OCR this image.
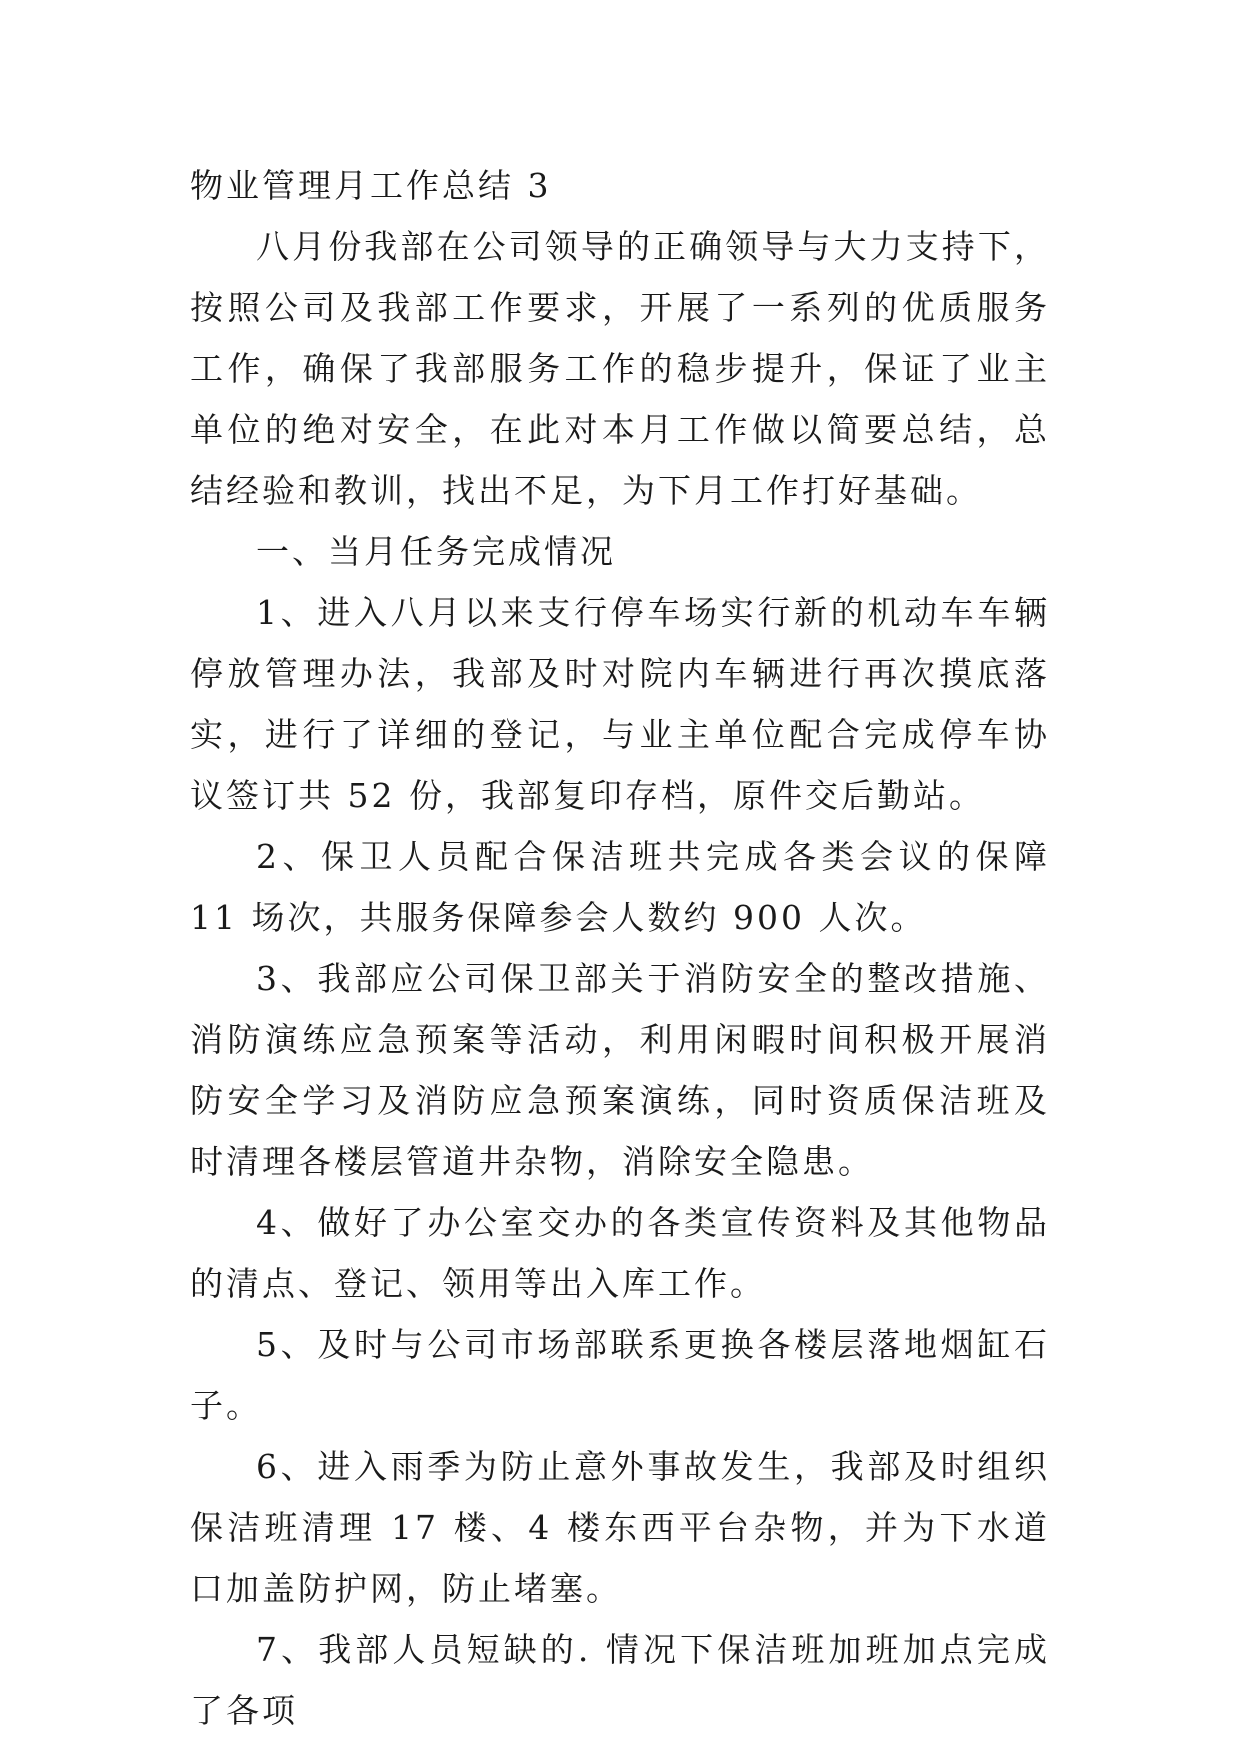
物业管理月工作总结 3

八月份我部在公司领导的正确领导与大力支持下，按照公司及我部工作要求，开展了一系列的优质服务工作，确保了我部服务工作的稳步提升，保证了业主单位的绝对安全，在此对本月工作做以简要总结，总结经验和教训，找出不足，为下月工作打好基础。

一、当月任务完成情况

1、进入八月以来支行停车场实行新的机动车车辆停放管理办法，我部及时对院内车辆进行再次摸底落实，进行了详细的登记，与业主单位配合完成停车协议签订共 52 份，我部复印存档，原件交后勤站。

2、保卫人员配合保洁班共完成各类会议的保障 11 场次，共服务保障参会人数约 900 人次。

3、我部应公司保卫部关于消防安全的整改措施、消防演练应急预案等活动，利用闲暇时间积极开展消防安全学习及消防应急预案演练，同时资质保洁班及时清理各楼层管道井杂物，消除安全隐患。

4、做好了办公室交办的各类宣传资料及其他物品的清点、登记、领用等出入库工作。

5、及时与公司市场部联系更换各楼层落地烟缸石子。

6、进入雨季为防止意外事故发生，我部及时组织保洁班清理 17 楼、4 楼东西平台杂物，并为下水道口加盖防护网，防止堵塞。

7、我部人员短缺的. 情况下保洁班加班加点完成了各项
